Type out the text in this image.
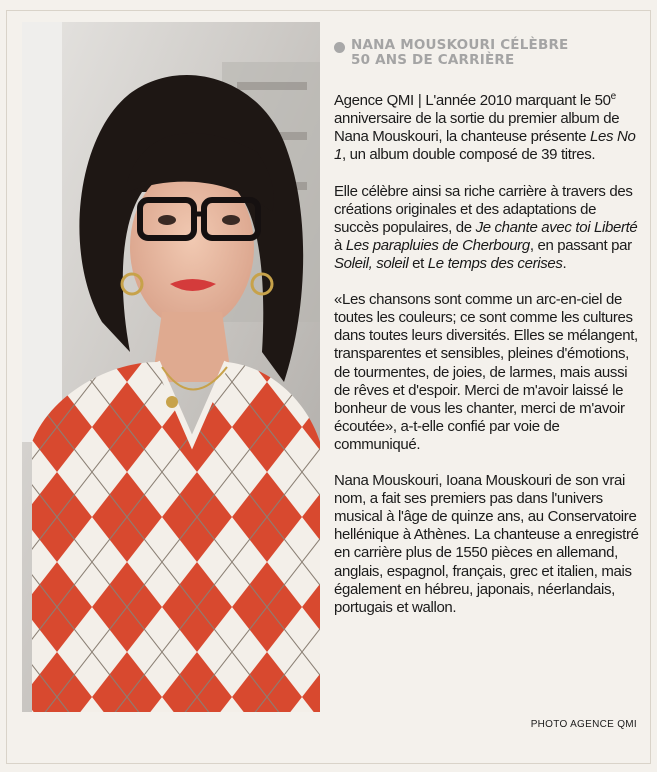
NANA MOUSKOURI CÉLÈBRE
50 ANS DE CARRIÈRE

Agence QMI | L'année 2010 marquant le 50e anniversaire de la sortie du premier album de Nana Mouskouri, la chanteuse présente Les No 1, un album double composé de 39 titres.

Elle célèbre ainsi sa riche carrière à travers des créations originales et des adaptations de succès populaires, de Je chante avec toi Liberté à Les parapluies de Cherbourg, en passant par Soleil, soleil et Le temps des cerises.

«Les chansons sont comme un arc-en-ciel de toutes les couleurs; ce sont comme les cultures dans toutes leurs diversités. Elles se mélangent, transparentes et sensibles, pleines d'émotions, de tourmentes, de joies, de larmes, mais aussi de rêves et d'espoir. Merci de m'avoir laissé le bonheur de vous les chanter, merci de m'avoir écoutée», a-t-elle confié par voie de communiqué.

Nana Mouskouri, Ioana Mouskouri de son vrai nom, a fait ses premiers pas dans l'univers musical à l'âge de quinze ans, au Conservatoire hellénique à Athènes. La chanteuse a enregistré en carrière plus de 1550 pièces en allemand, anglais, espagnol, français, grec et italien, mais également en hébreu, japonais, néerlandais, portugais et wallon.

PHOTO AGENCE QMI
